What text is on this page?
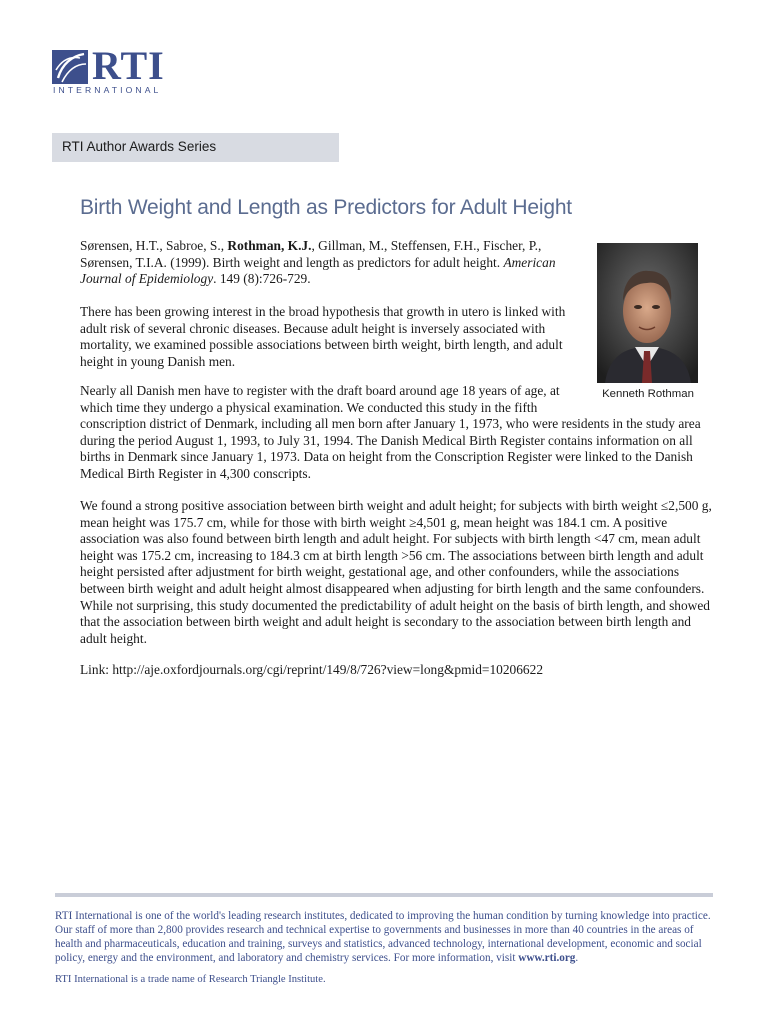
RTI
INTERNATIONAL
RTI Author Awards Series
Birth Weight and Length as Predictors for Adult Height

Sørensen, H.T., Sabroe, S., Rothman, K.J., Gillman, M., Steffensen, F.H., Fischer, P., Sørensen, T.I.A. (1999). Birth weight and length as predictors for adult height. American Journal of Epidemiology. 149 (8):726-729.

Kenneth Rothman

There has been growing interest in the broad hypothesis that growth in utero is linked with adult risk of several chronic diseases. Because adult height is inversely associated with mortality, we examined possible associations between birth weight, birth length, and adult height in young Danish men.

Nearly all Danish men have to register with the draft board around age 18 years of age, at which time they undergo a physical examination. We conducted this study in the fifth
conscription district of Denmark, including all men born after January 1, 1973, who were residents in the study area during the period August 1, 1993, to July 31, 1994. The Danish Medical Birth Register contains information on all births in Denmark since January 1, 1973. Data on height from the Conscription Register were linked to the Danish Medical Birth Register in 4,300 conscripts.

We found a strong positive association between birth weight and adult height; for subjects with birth weight ≤2,500 g, mean height was 175.7 cm, while for those with birth weight ≥4,501 g, mean height was 184.1 cm. A positive association was also found between birth length and adult height. For subjects with birth length <47 cm, mean adult height was 175.2 cm, increasing to 184.3 cm at birth length >56 cm. The associations between birth length and adult height persisted after adjustment for birth weight, gestational age, and other confounders, while the associations between birth weight and adult height almost disappeared when adjusting for birth length and the same confounders. While not surprising, this study documented the predictability of adult height on the basis of birth length, and showed that the association between birth weight and adult height is secondary to the association between birth length and adult height.

Link: http://aje.oxfordjournals.org/cgi/reprint/149/8/726?view=long&pmid=10206622

RTI International is one of the world's leading research institutes, dedicated to improving the human condition by turning knowledge into practice. Our staff of more than 2,800 provides research and technical expertise to governments and businesses in more than 40 countries in the areas of health and pharmaceuticals, education and training, surveys and statistics, advanced technology, international development, economic and social policy, energy and the environment, and laboratory and chemistry services. For more information, visit www.rti.org.

RTI International is a trade name of Research Triangle Institute.
